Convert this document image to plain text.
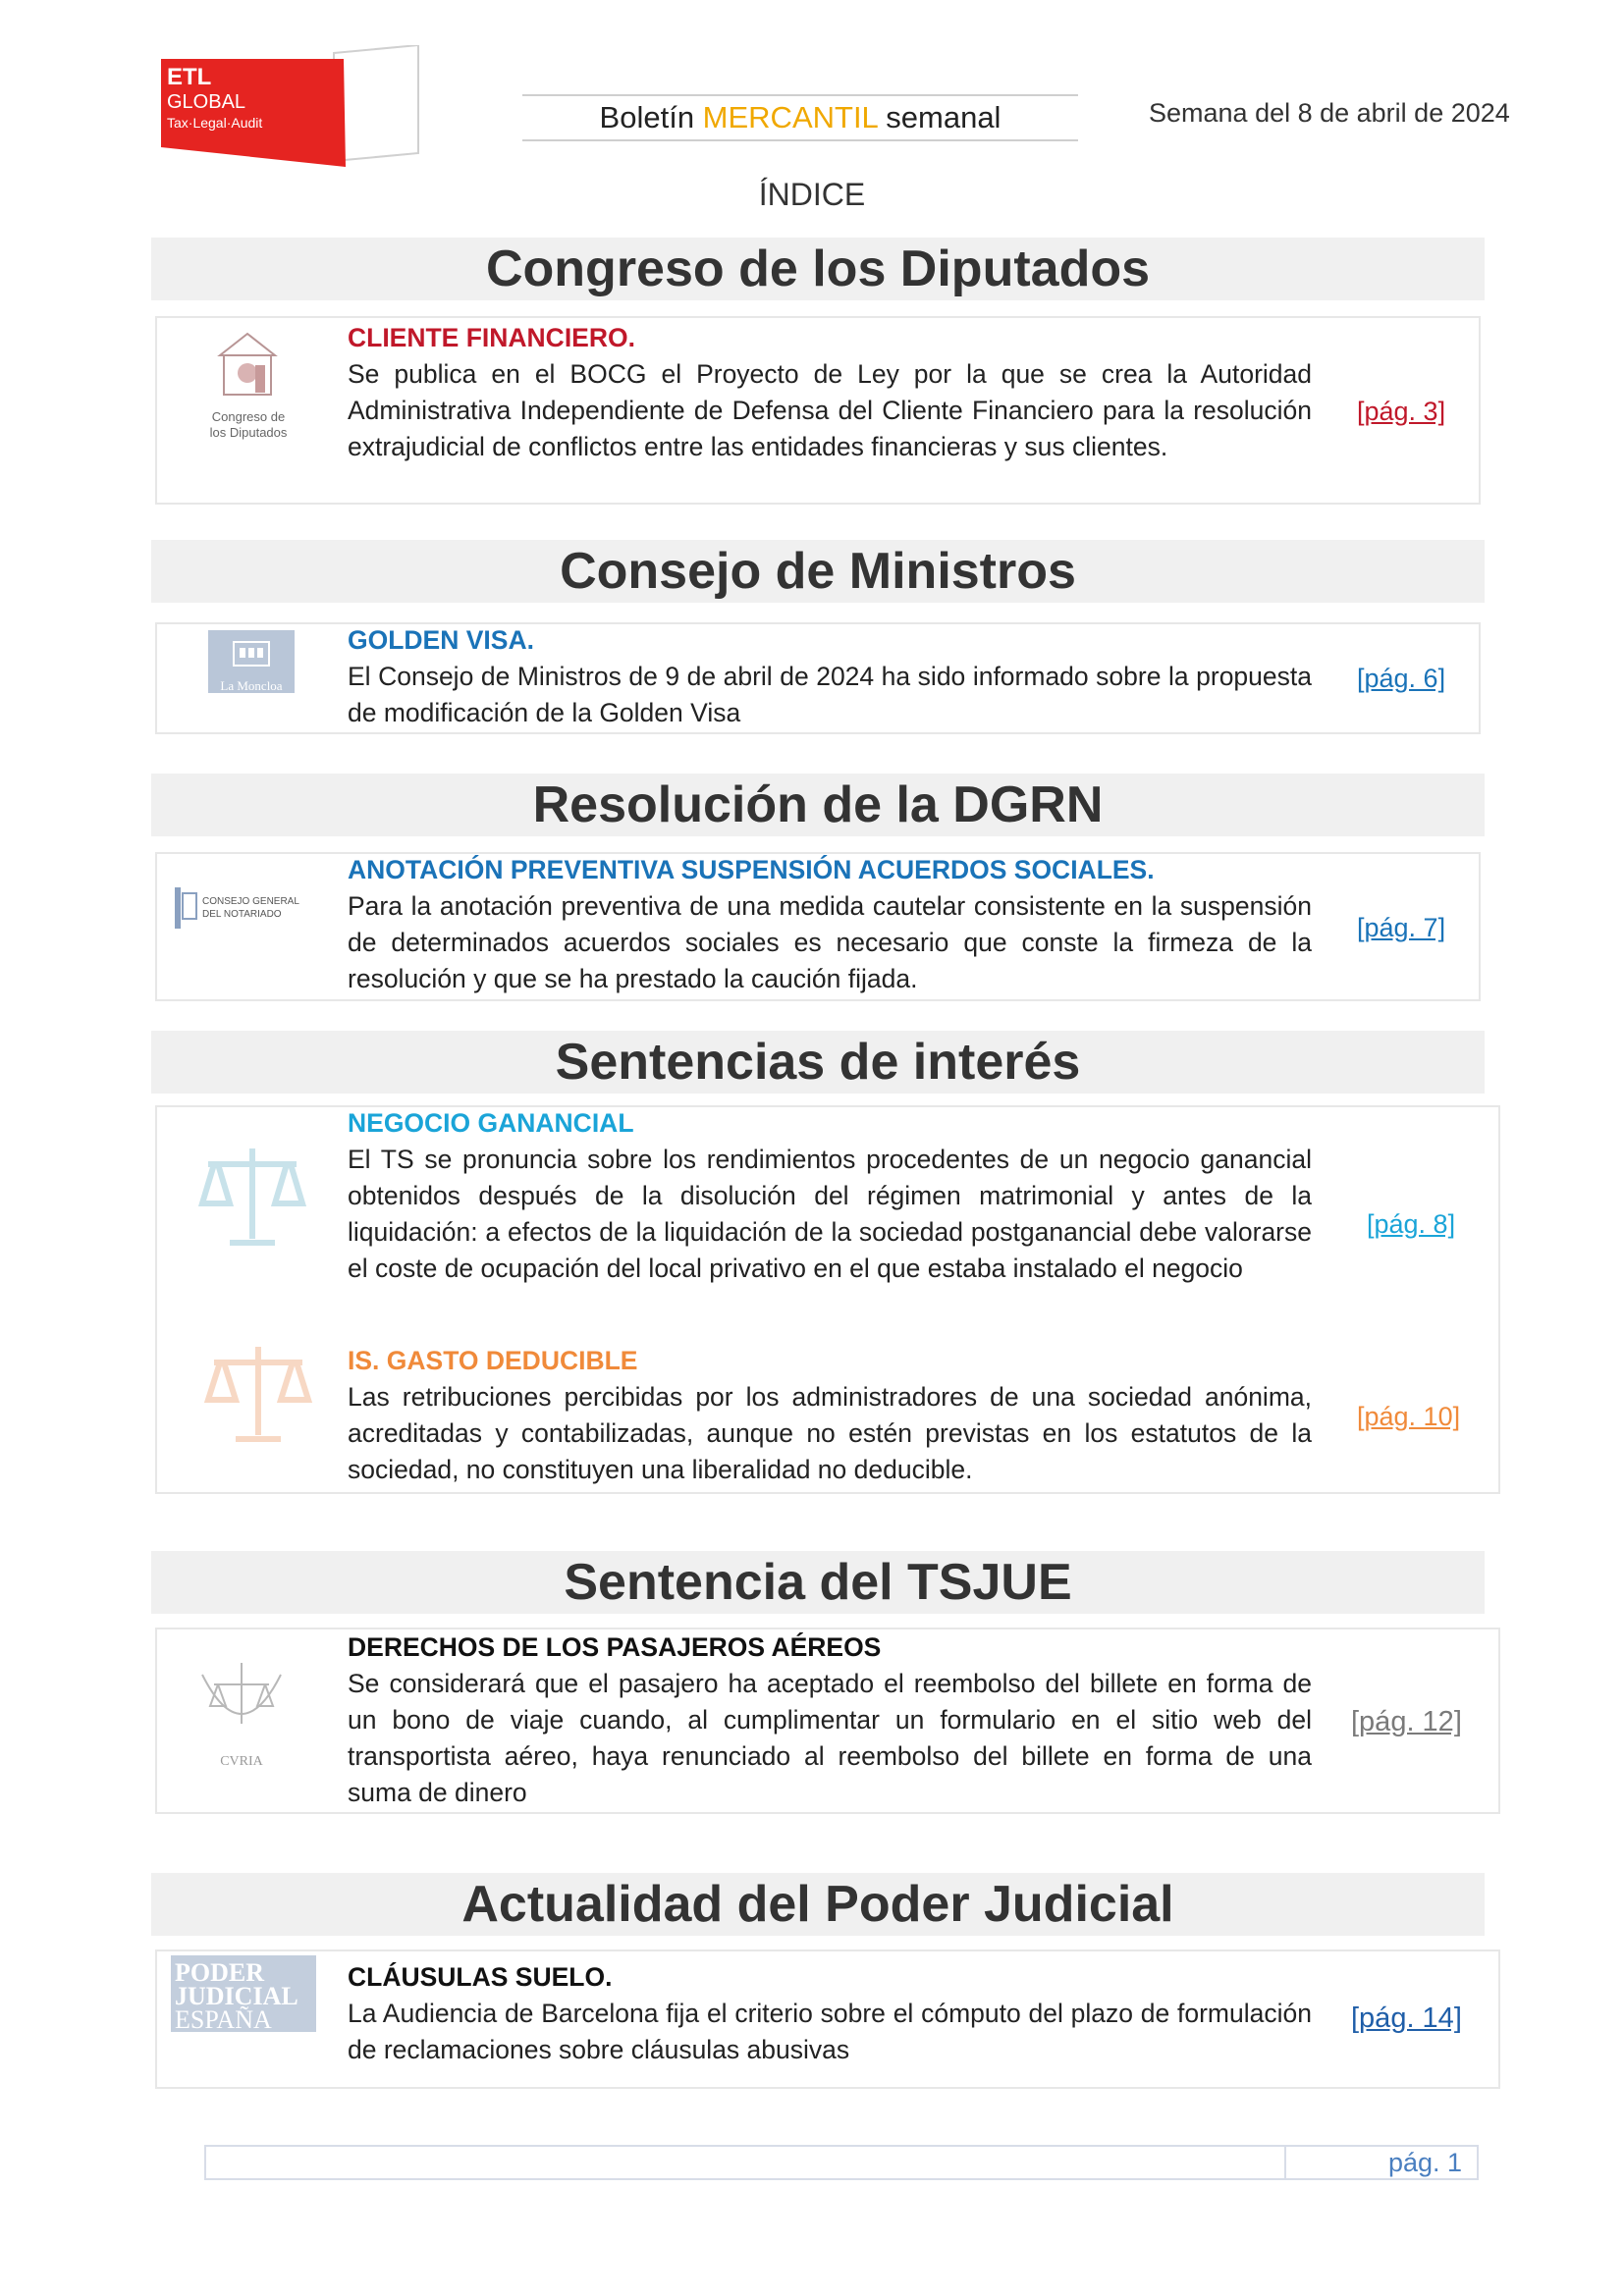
ETL
GLOBAL
Tax·Legal·Audit	Boletín MERCANTIL semanal	Semana del 8 de abril de 2024
ÍNDICE
Congreso de los Diputados
Congreso de
los Diputados
CLIENTE FINANCIERO.
Se publica en el BOCG el Proyecto de Ley por la que se crea la Autoridad Administrativa Independiente de Defensa del Cliente Financiero para la resolución extrajudicial de conflictos entre las entidades financieras y sus clientes.
[pág. 3]
Consejo de Ministros
La Moncloa
GOLDEN VISA.
El Consejo de Ministros de 9 de abril de 2024 ha sido informado sobre la propuesta de modificación de la Golden Visa
[pág. 6]
Resolución de la DGRN
CONSEJO GENERAL
DEL NOTARIADO
ANOTACIÓN PREVENTIVA SUSPENSIÓN ACUERDOS SOCIALES.
Para la anotación preventiva de una medida cautelar consistente en la suspensión de determinados acuerdos sociales es necesario que conste la firmeza de la resolución y que se ha prestado la caución fijada.
[pág. 7]
Sentencias de interés
NEGOCIO GANANCIAL
El TS se pronuncia sobre los rendimientos procedentes de un negocio ganancial obtenidos después de la disolución del régimen matrimonial y antes de la liquidación: a efectos de la liquidación de la sociedad postganancial debe valorarse el coste de ocupación del local privativo en el que estaba instalado el negocio
[pág. 8]
IS. GASTO DEDUCIBLE
Las retribuciones percibidas por los administradores de una sociedad anónima, acreditadas y contabilizadas, aunque no estén previstas en los estatutos de la sociedad, no constituyen una liberalidad no deducible.
[pág. 10]
Sentencia del TSJUE
CVRIA
DERECHOS DE LOS PASAJEROS AÉREOS
Se considerará que el pasajero ha aceptado el reembolso del billete en forma de un bono de viaje cuando, al cumplimentar un formulario en el sitio web del transportista aéreo, haya renunciado al reembolso del billete en forma de una suma de dinero
[pág. 12]
Actualidad del Poder Judicial
PODER
JUDICIAL
ESPAÑA
CLÁUSULAS SUELO.
La Audiencia de Barcelona fija el criterio sobre el cómputo del plazo de formulación de reclamaciones sobre cláusulas abusivas
[pág. 14]
pág. 1
